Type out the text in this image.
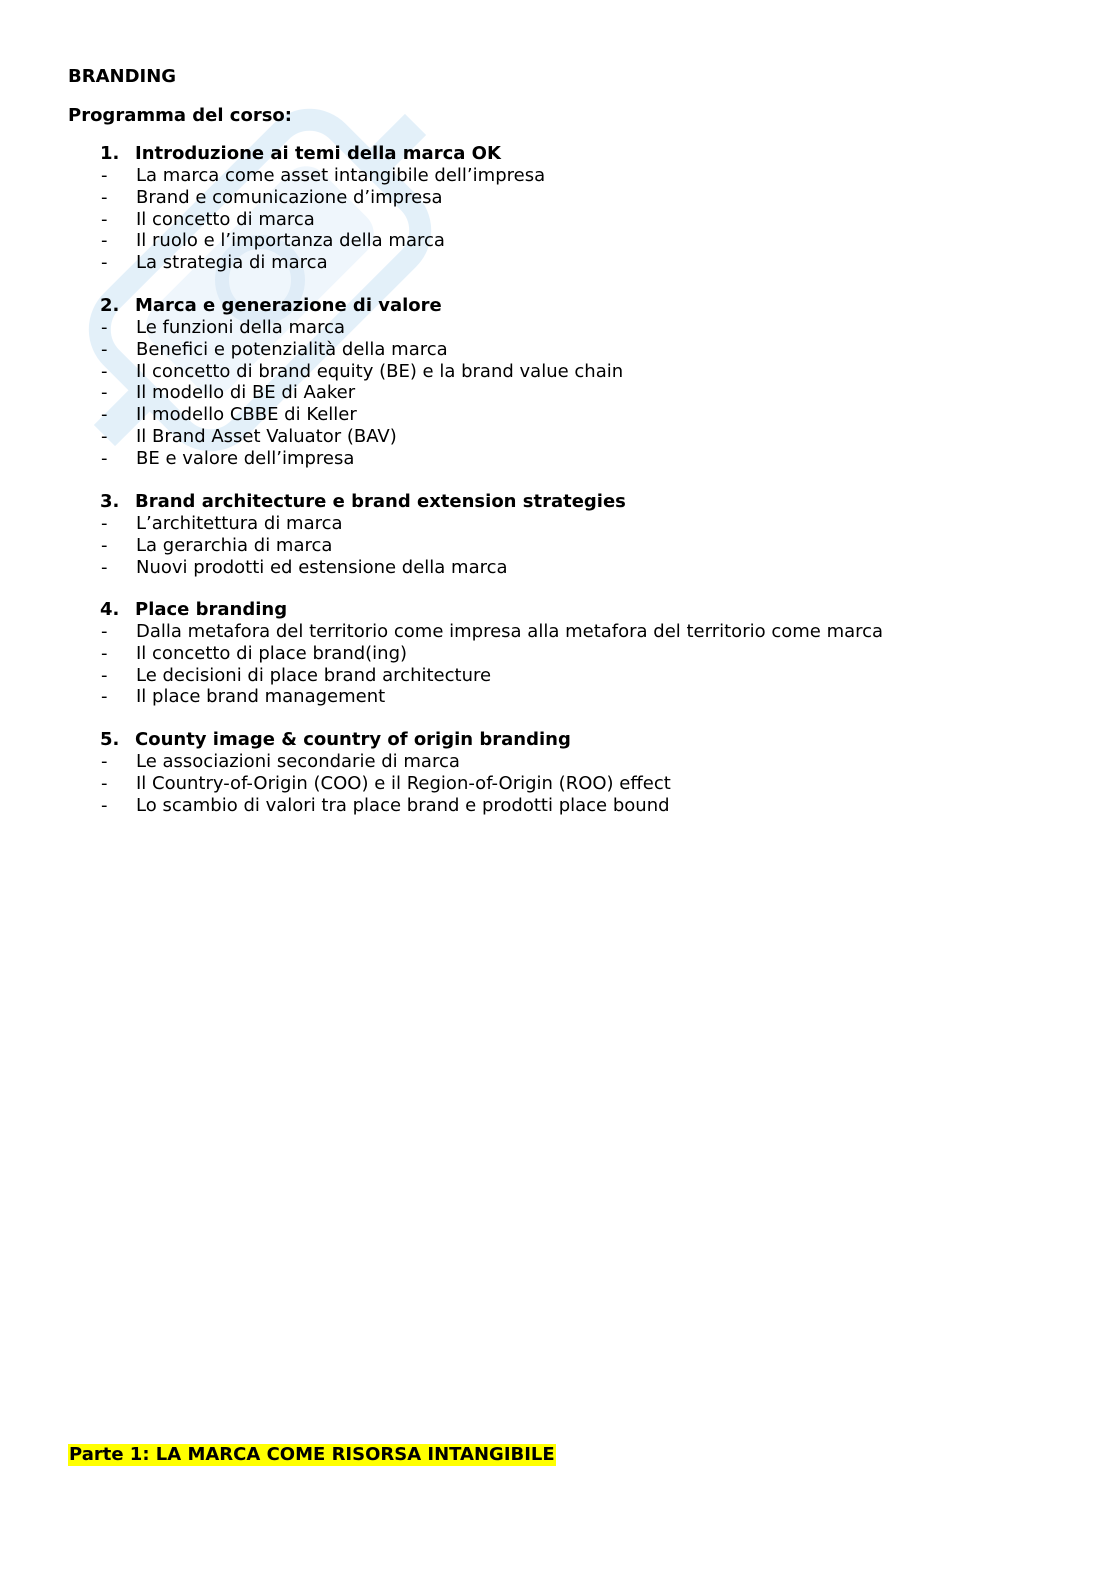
BRANDING
Programma del corso:
1. Introduzione ai temi della marca OK
-	La marca come asset intangibile dell’impresa
-	Brand e comunicazione d’impresa
-	Il concetto di marca
-	Il ruolo e l’importanza della marca
-	La strategia di marca
2. Marca e generazione di valore
-	Le funzioni della marca
-	Benefici e potenzialità della marca
-	Il concetto di brand equity (BE) e la brand value chain
-	Il modello di BE di Aaker
-	Il modello CBBE di Keller
-	Il Brand Asset Valuator (BAV)
-	BE e valore dell’impresa
3. Brand architecture e brand extension strategies
-	L’architettura di marca
-	La gerarchia di marca
-	Nuovi prodotti ed estensione della marca
4. Place branding
-	Dalla metafora del territorio come impresa alla metafora del territorio come marca
-	Il concetto di place brand(ing)
-	Le decisioni di place brand architecture
-	Il place brand management
5. County image & country of origin branding
-	Le associazioni secondarie di marca
-	Il Country-of-Origin (COO) e il Region-of-Origin (ROO) effect
-	Lo scambio di valori tra place brand e prodotti place bound
Parte 1: LA MARCA COME RISORSA INTANGIBILE
